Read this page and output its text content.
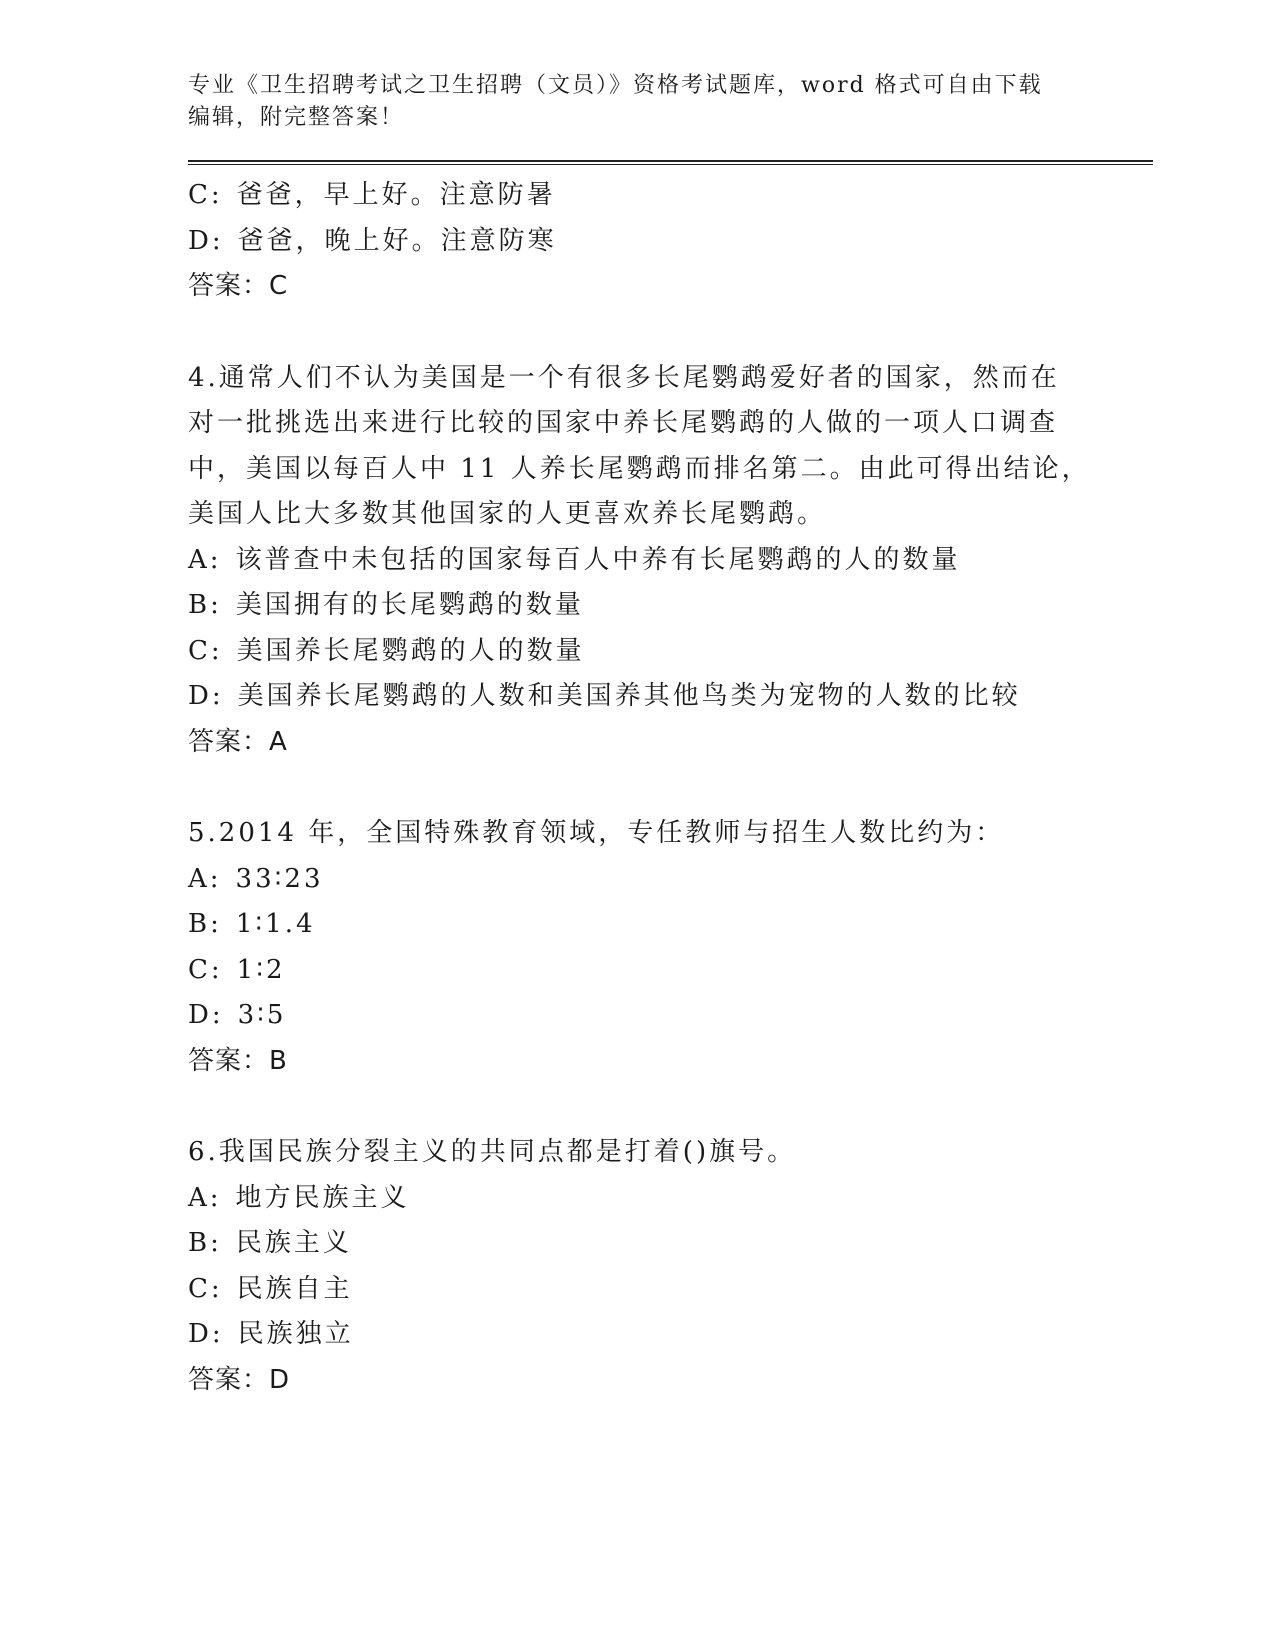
专业《卫生招聘考试之卫生招聘（文员）》资格考试题库，word 格式可自由下载
编辑，附完整答案！
C: 爸爸，早上好。注意防暑
D: 爸爸，晚上好。注意防寒
答案：C
4.通常人们不认为美国是一个有很多长尾鹦鹉爱好者的国家，然而在
对一批挑选出来进行比较的国家中养长尾鹦鹉的人做的一项人口调查
中，美国以每百人中 11 人养长尾鹦鹉而排名第二。由此可得出结论，
美国人比大多数其他国家的人更喜欢养长尾鹦鹉。
A: 该普查中未包括的国家每百人中养有长尾鹦鹉的人的数量
B: 美国拥有的长尾鹦鹉的数量
C: 美国养长尾鹦鹉的人的数量
D: 美国养长尾鹦鹉的人数和美国养其他鸟类为宠物的人数的比较
答案：A
5.2014 年，全国特殊教育领域，专任教师与招生人数比约为：
A: 33∶23
B: 1∶1.4
C: 1∶2
D: 3∶5
答案：B
6.我国民族分裂主义的共同点都是打着()旗号。
A: 地方民族主义
B: 民族主义
C: 民族自主
D: 民族独立
答案：D
